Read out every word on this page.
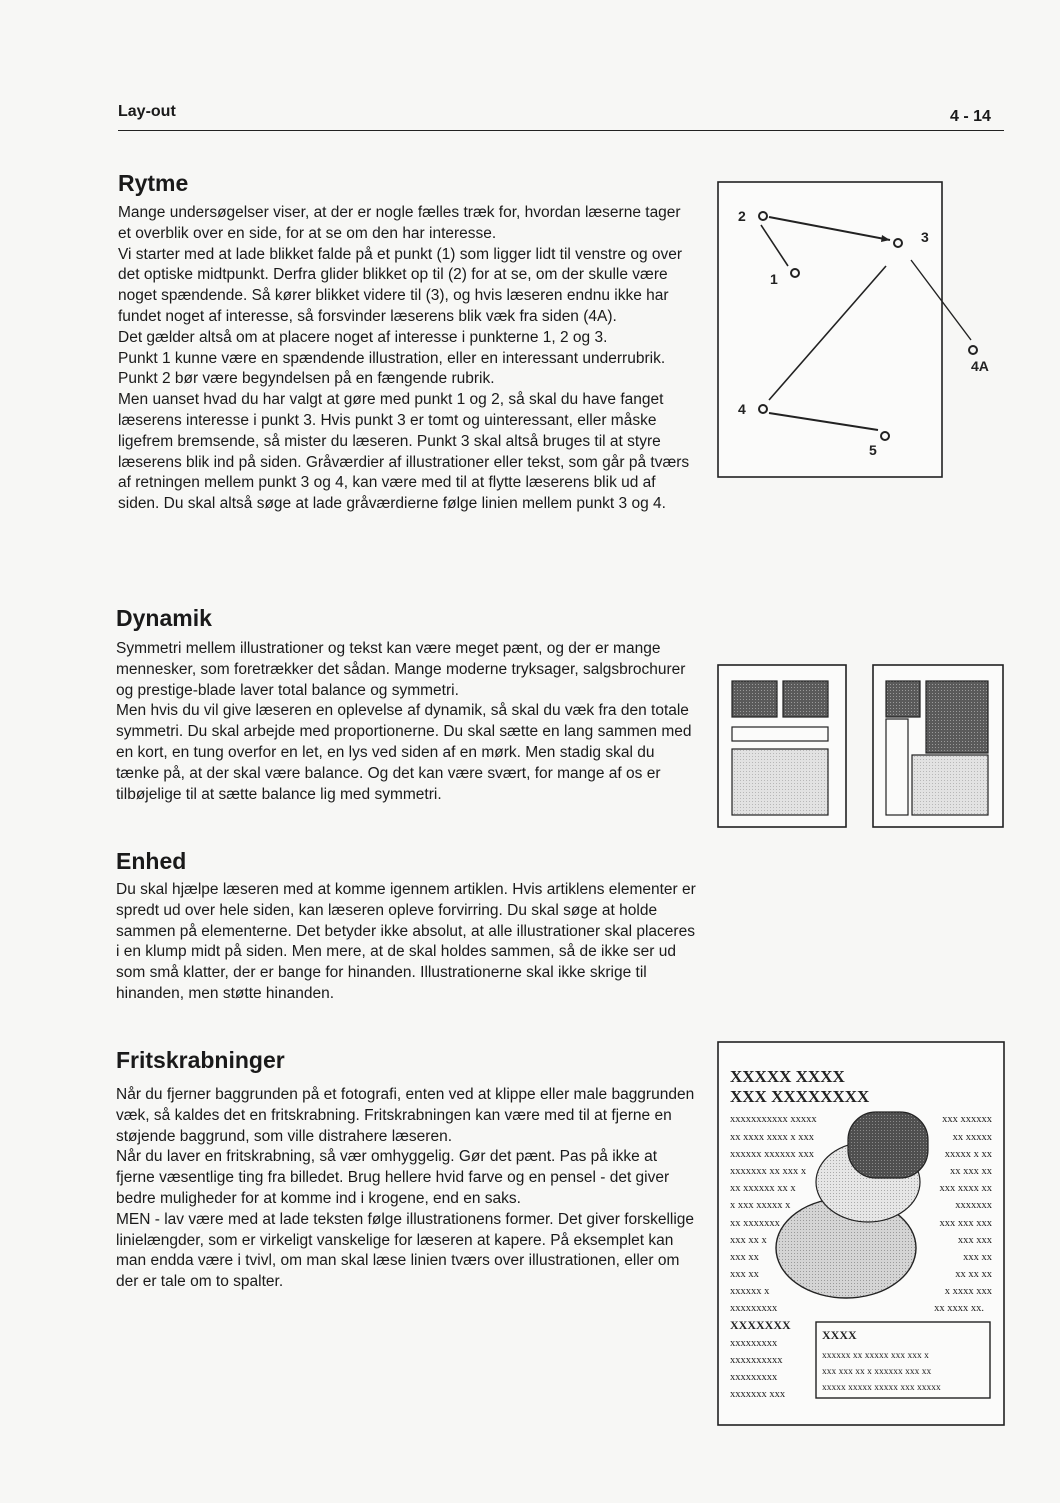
Lay-out	4 - 14
Rytme

Mange undersøgelser viser, at der er nogle fælles træk for, hvordan læserne tager et overblik over en side, for at se om den har interesse.

Vi starter med at lade blikket falde på et punkt (1) som ligger lidt til venstre og over det optiske midtpunkt. Derfra glider blikket op til (2) for at se, om der skulle være noget spændende. Så kører blikket videre til (3), og hvis læseren endnu ikke har fundet noget af interesse, så forsvinder læserens blik væk fra siden (4A).

Det gælder altså om at placere noget af interesse i punkterne 1, 2 og 3.

Punkt 1 kunne være en spændende illustration, eller en interessant underrubrik.

Punkt 2 bør være begyndelsen på en fængende rubrik.

Men uanset hvad du har valgt at gøre med punkt 1 og 2, så skal du have fanget læserens interesse i punkt 3. Hvis punkt 3 er tomt og uinteressant, eller måske ligefrem bremsende, så mister du læseren. Punkt 3 skal altså bruges til at styre læserens blik ind på siden. Gråværdier af illustrationer eller tekst, som går på tværs af retningen mellem punkt 3 og 4, kan være med til at flytte læserens blik ud af siden. Du skal altså søge at lade gråværdierne følge linien mellem punkt 3 og 4.

Dynamik

Symmetri mellem illustrationer og tekst kan være meget pænt, og der er mange mennesker, som foretrækker det sådan. Mange moderne tryksager, salgsbrochurer og prestige-blade laver total balance og symmetri.

Men hvis du vil give læseren en oplevelse af dynamik, så skal du væk fra den totale symmetri. Du skal arbejde med proportionerne. Du skal sætte en lang sammen med en kort, en tung overfor en let, en lys ved siden af en mørk. Men stadig skal du tænke på, at der skal være balance. Og det kan være svært, for mange af os er tilbøjelige til at sætte balance lig med symmetri.

Enhed

Du skal hjælpe læseren med at komme igennem artiklen. Hvis artiklens elementer er spredt ud over hele siden, kan læseren opleve forvirring. Du skal søge at holde sammen på elementerne. Det betyder ikke absolut, at alle illustrationer skal placeres i en klump midt på siden. Men mere, at de skal holdes sammen, så de ikke ser ud som små klatter, der er bange for hinanden. Illustrationerne skal ikke skrige til hinanden, men støtte hinanden.

Fritskrabninger

Når du fjerner baggrunden på et fotografi, enten ved at klippe eller male baggrunden væk, så kaldes det en fritskrabning. Fritskrabningen kan være med til at fjerne en støjende baggrund, som ville distrahere læseren.

Når du laver en fritskrabning, så vær omhyggelig. Gør det pænt. Pas på ikke at fjerne væsentlige ting fra billedet. Brug hellere hvid farve og en pensel - det giver bedre muligheder for at komme ind i krogene, end en saks.

MEN - lav være med at lade teksten følge illustrationens former. Det giver forskellige linielængder, som er virkeligt vanskelige for læseren at kapere. På eksemplet kan man endda være i tvivl, om man skal læse linien tværs over illustrationen, eller om der er tale om to spalter.

2
3
1
4A
4
5
XXXXX XXXX
XXX XXXXXXXX
xxxxxxxxxxx xxxxx
xx xxxx xxxx x xxx
xxxxxx xxxxxx xxx
xxxxxxx xx xxx x
xx xxxxxx xx x
x xxx xxxxx x
xx xxxxxxx
xxx xx x
xxx xx
xxx xx
xxxxxx x
xxxxxxxxx
xxx xxxxxx
xx xxxxx
xxxxx x xx
xx xxx xx
xxx xxxx xx
xxxxxxx
xxx xxx xxx
xxx xxx
xxx xx
xx xx xx
x xxxx xxx
xx xxxx xx.
XXXXXXX
xxxxxxxxx
xxxxxxxxxx
xxxxxxxxx
xxxxxxx xxx
XXXX
xxxxxx xx xxxxx xxx xxx x
xxx xxx xx x xxxxxx xxx xx
xxxxx xxxxx xxxxx xxx xxxxx
